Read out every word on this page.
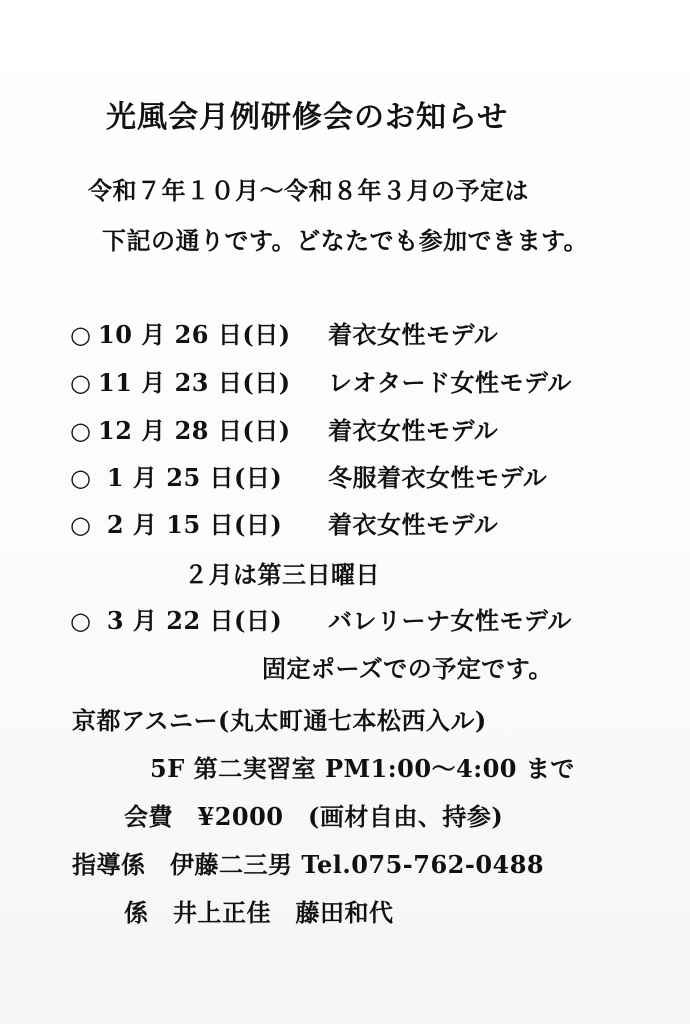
光風会月例研修会のお知らせ
令和７年１０月～令和８年３月の予定は
下記の通りです。どなたでも参加できます。
○ 10 月 26 日(日) 着衣女性モデル
○ 11 月 23 日(日) レオタード女性モデル
○ 12 月 28 日(日) 着衣女性モデル
○ 1 月 25 日(日) 冬服着衣女性モデル
○ 2 月 15 日(日) 着衣女性モデル
２月は第三日曜日
○ 3 月 22 日(日) バレリーナ女性モデル
固定ポーズでの予定です。
京都アスニー(丸太町通七本松西入ル)
5F 第二実習室 PM1:00～4:00 まで
会費　¥2000　(画材自由、持参)
指導係　伊藤二三男 Tel.075-762-0488
係　井上正佳　藤田和代
